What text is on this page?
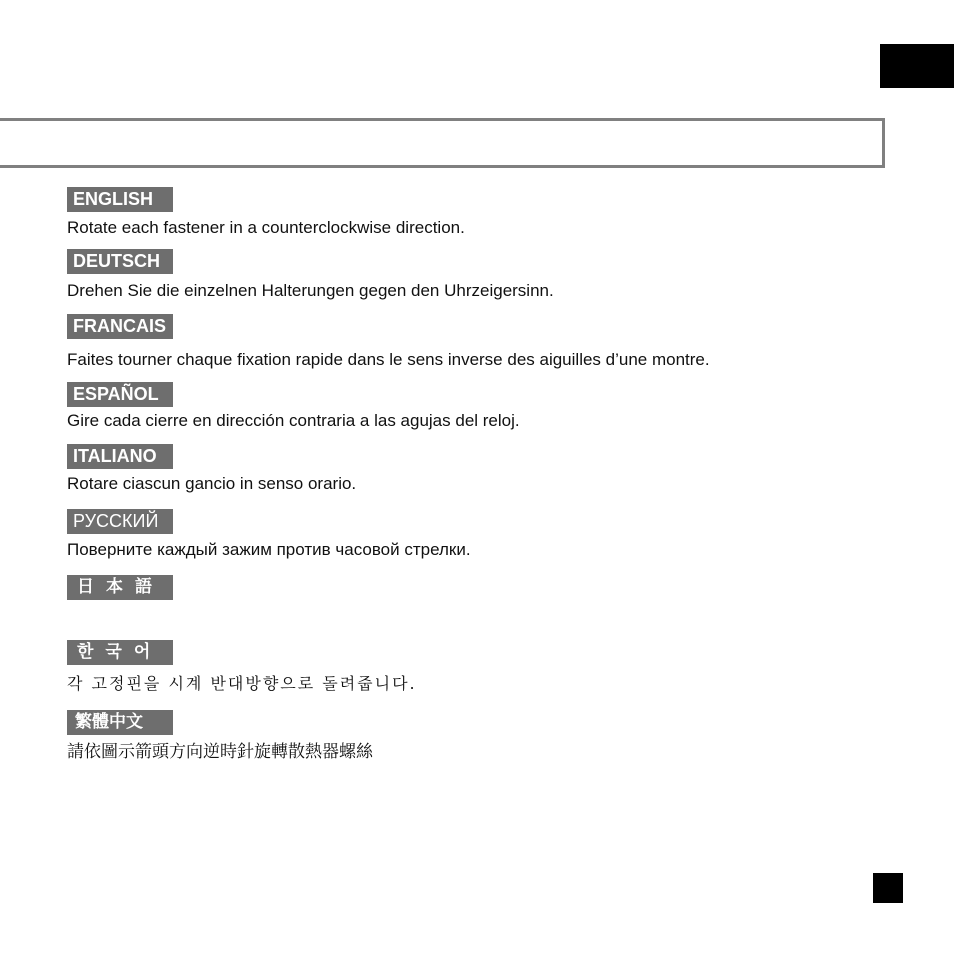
ENGLISH
Rotate each fastener in a counterclockwise direction.
DEUTSCH
Drehen Sie die einzelnen Halterungen gegen den Uhrzeigersinn.
FRANCAIS
Faites tourner chaque fixation rapide dans le sens inverse des aiguilles d’une montre.
ESPAÑOL
Gire cada cierre en dirección contraria a las agujas del reloj.
ITALIANO
Rotare ciascun gancio in senso orario.
РУССКИЙ
Поверните каждый зажим против часовой стрелки.
日本語
한국어
각 고정핀을 시계 반대방향으로 돌려줍니다.
繁體中文
請依圖示箭頭方向逆時針旋轉散熱器螺絲
